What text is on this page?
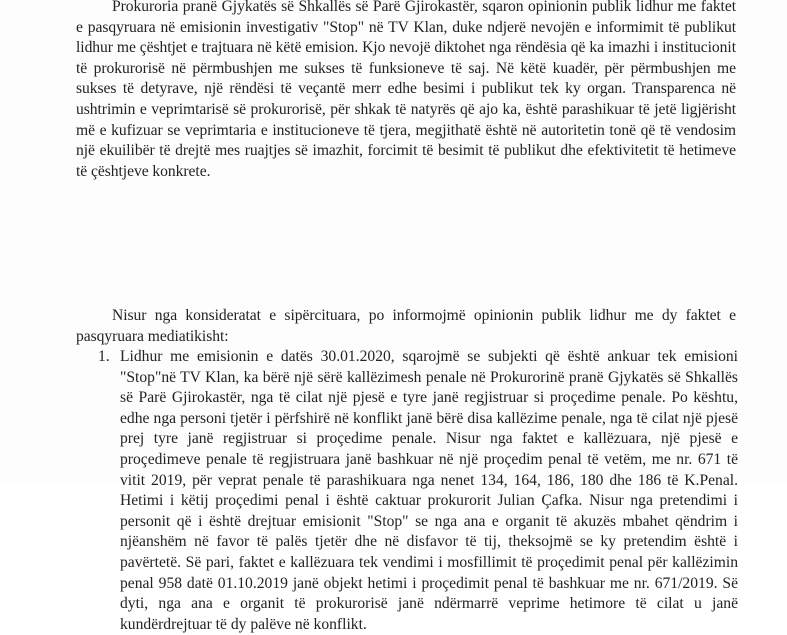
Prokuroria pranë Gjykatës së Shkallës së Parë Gjirokastër, sqaron opinionin publik lidhur me faktet e pasqyruara në emisionin investigativ "Stop" në TV Klan, duke ndjerë nevojën e informimit të publikut lidhur me çështjet e trajtuara në këtë emision. Kjo nevojë diktohet nga rëndësia që ka imazhi i institucionit të prokurorisë në përmbushjen me sukses të funksioneve të saj. Në këtë kuadër, për përmbushjen me sukses të detyrave, një rëndësi të veçantë merr edhe besimi i publikut tek ky organ. Transparenca në ushtrimin e veprimtarisë së prokurorisë, për shkak të natyrës që ajo ka, është parashikuar të jetë ligjërisht më e kufizuar se veprimtaria e institucioneve të tjera, megjithatë është në autoritetin tonë që të vendosim një ekuilibër të drejtë mes ruajtjes së imazhit, forcimit të besimit të publikut dhe efektivitetit të hetimeve të çështjeve konkrete.

Nisur nga konsideratat e sipërcituara, po informojmë opinionin publik lidhur me dy faktet e pasqyruara mediatikisht:

1. Lidhur me emisionin e datës 30.01.2020, sqarojmë se subjekti që është ankuar tek emisioni "Stop"në TV Klan, ka bërë një sërë kallëzimesh penale në Prokurorinë pranë Gjykatës së Shkallës së Parë Gjirokastër, nga të cilat një pjesë e tyre janë regjistruar si proçedime penale. Po kështu, edhe nga personi tjetër i përfshirë në konflikt janë bërë disa kallëzime penale, nga të cilat një pjesë prej tyre janë regjistruar si proçedime penale. Nisur nga faktet e kallëzuara, një pjesë e proçedimeve penale të regjistruara janë bashkuar në një proçedim penal të vetëm, me nr. 671 të vitit 2019, për veprat penale të parashikuara nga nenet 134, 164, 186, 180 dhe 186 të K.Penal. Hetimi i këtij proçedimi penal i është caktuar prokurorit Julian Çafka. Nisur nga pretendimi i personit që i është drejtuar emisionit "Stop" se nga ana e organit të akuzës mbahet qëndrim i njëanshëm në favor të palës tjetër dhe në disfavor të tij, theksojmë se ky pretendim është i pavërtetë. Së pari, faktet e kallëzuara tek vendimi i mosfillimit të proçedimit penal për kallëzimin penal 958 datë 01.10.2019 janë objekt hetimi i proçedimit penal të bashkuar me nr. 671/2019. Së dyti, nga ana e organit të prokurorisë janë ndërmarrë veprime hetimore të cilat u janë kundërdrejtuar të dy palëve në konflikt.
